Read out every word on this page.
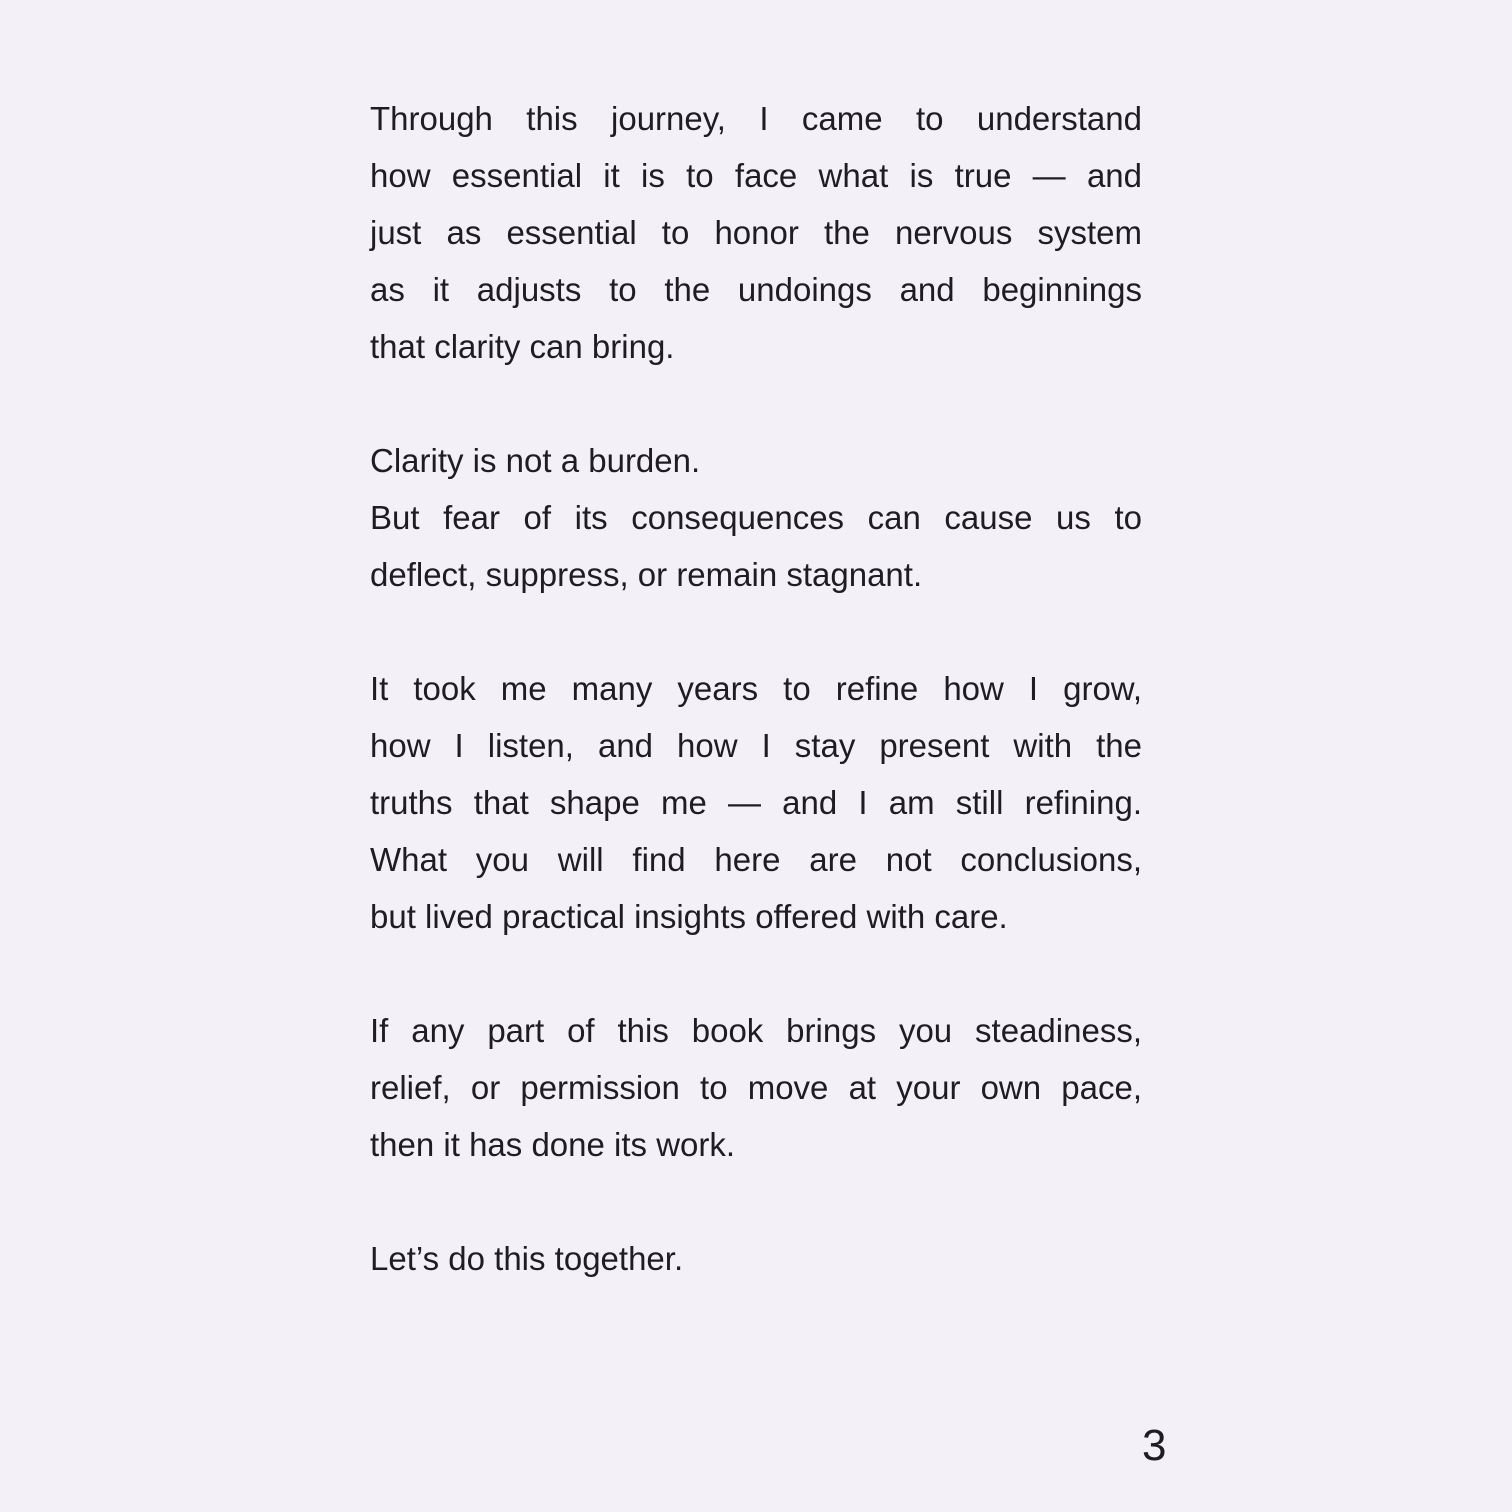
Through this journey, I came to understand
how essential it is to face what is true — and
just as essential to honor the nervous system
as it adjusts to the undoings and beginnings
that clarity can bring.

Clarity is not a burden.
But fear of its consequences can cause us to
deflect, suppress, or remain stagnant.

It took me many years to refine how I grow,
how I listen, and how I stay present with the
truths that shape me — and I am still refining.
What you will find here are not conclusions,
but lived practical insights offered with care.

If any part of this book brings you steadiness,
relief, or permission to move at your own pace,
then it has done its work.

Let’s do this together.

3
